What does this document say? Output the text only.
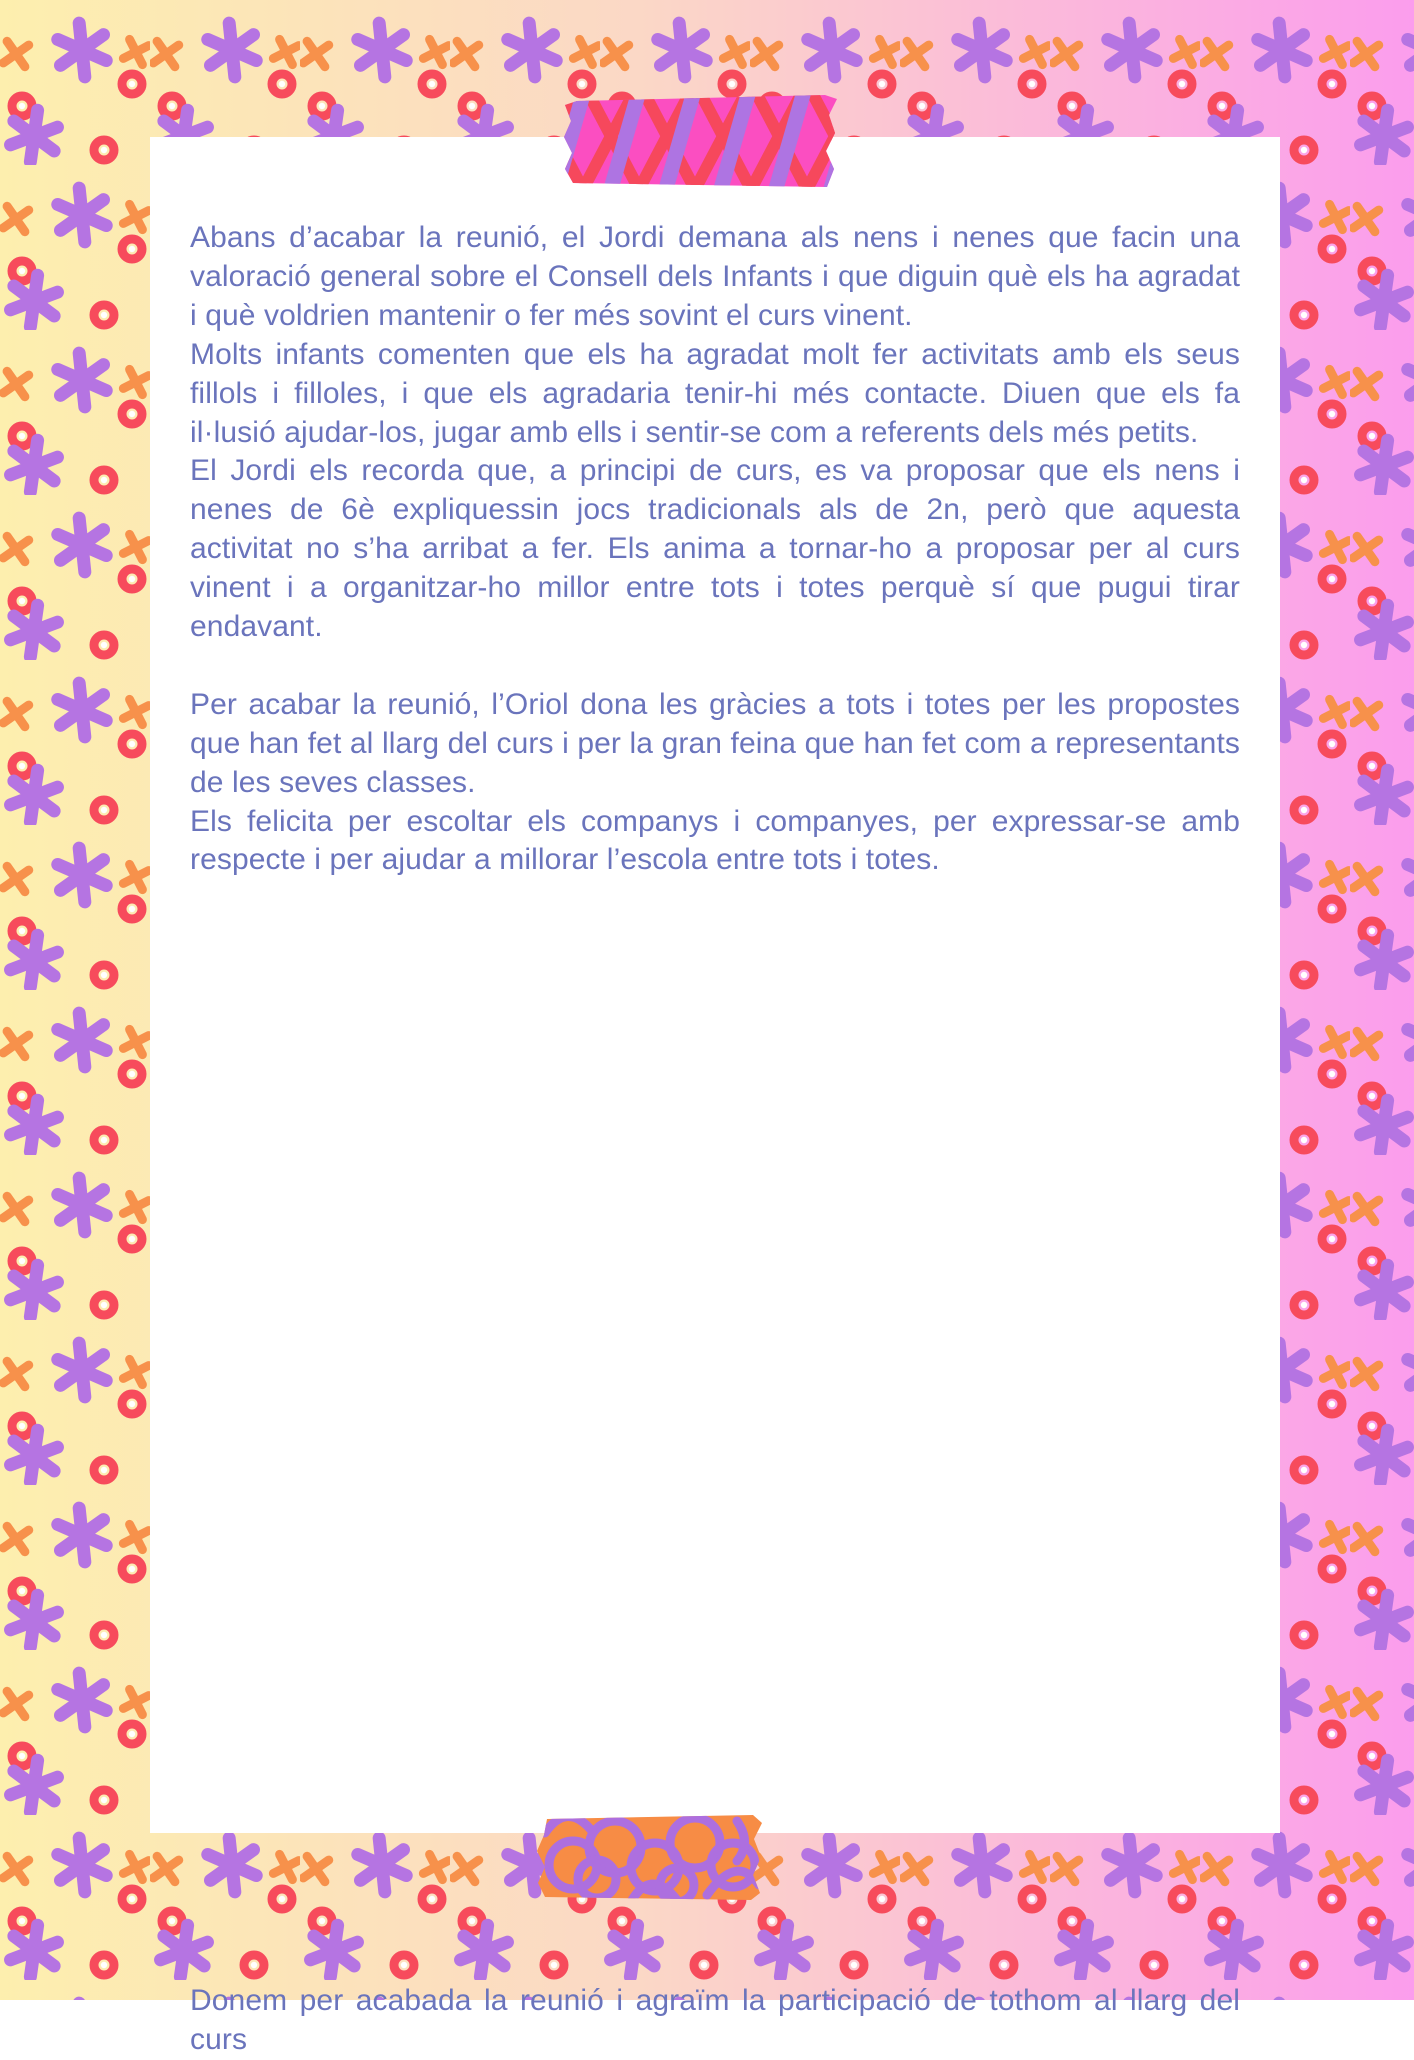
Abans d’acabar la reunió, el Jordi demana als nens i nenes que facin una valoració general sobre el Consell dels Infants i que diguin què els ha agradat i què voldrien mantenir o fer més sovint el curs vinent.

Molts infants comenten que els ha agradat molt fer activitats amb els seus fillols i filloles, i que els agradaria tenir-hi més contacte. Diuen que els fa il·lusió ajudar-los, jugar amb ells i sentir-se com a referents dels més petits.

El Jordi els recorda que, a principi de curs, es va proposar que els nens i nenes de 6è expliquessin jocs tradicionals als de 2n, però que aquesta activitat no s’ha arribat a fer. Els anima a tornar-ho a proposar per al curs vinent i a organitzar-ho millor entre tots i totes perquè sí que pugui tirar endavant.

Per acabar la reunió, l’Oriol dona les gràcies a tots i totes per les propostes que han fet al llarg del curs i per la gran feina que han fet com a representants de les seves classes.

Els felicita per escoltar els companys i companyes, per expressar-se amb respecte i per ajudar a millorar l’escola entre tots i totes.

Donem per acabada la reunió i agraïm la participació de tothom al llarg del curs
